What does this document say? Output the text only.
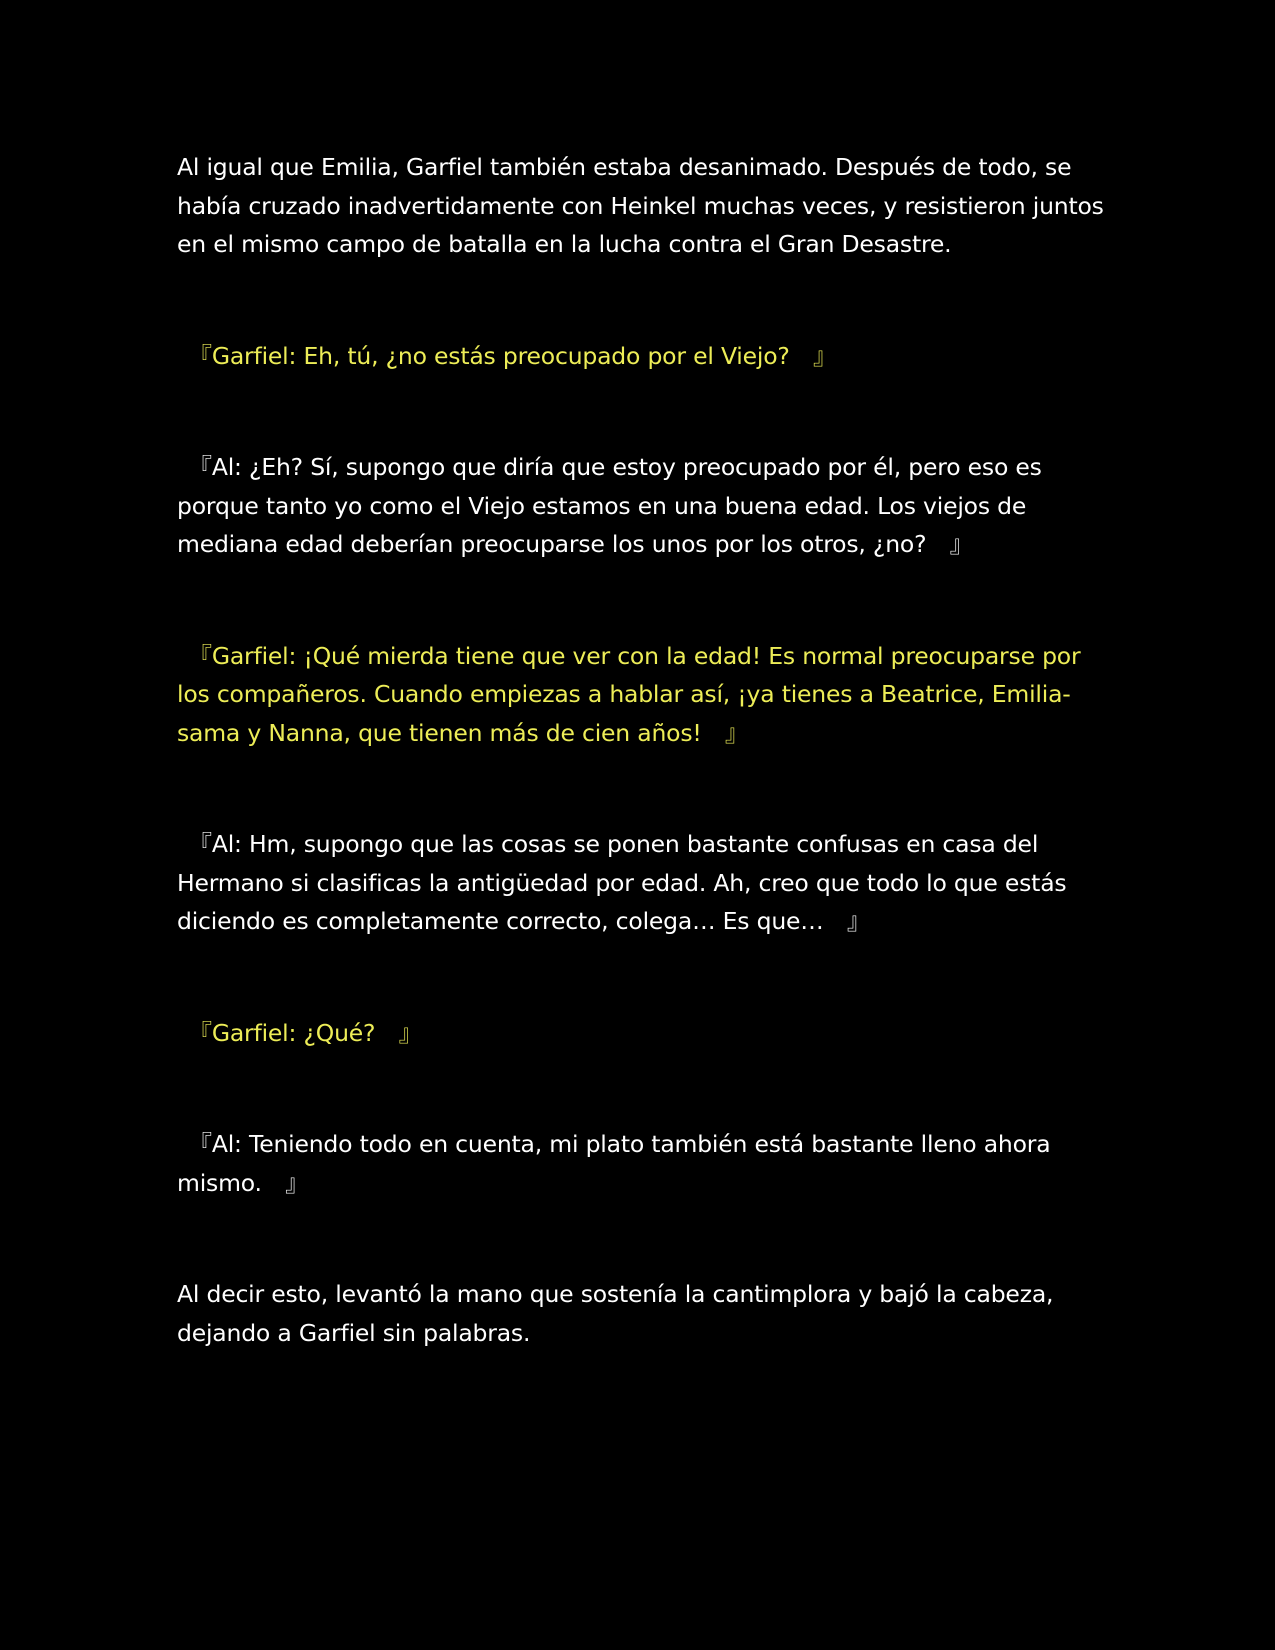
Al igual que Emilia, Garfiel también estaba desanimado. Después de todo, se había cruzado inadvertidamente con Heinkel muchas veces, y resistieron juntos en el mismo campo de batalla en la lucha contra el Gran Desastre.

　『Garfiel: Eh, tú, ¿no estás preocupado por el Viejo?　』

　『Al: ¿Eh? Sí, supongo que diría que estoy preocupado por él, pero eso es porque tanto yo como el Viejo estamos en una buena edad. Los viejos de mediana edad deberían preocuparse los unos por los otros, ¿no?　』

　『Garfiel: ¡Qué mierda tiene que ver con la edad! Es normal preocuparse por los compañeros. Cuando empiezas a hablar así, ¡ya tienes a Beatrice, Emilia-sama y Nanna, que tienen más de cien años!　』

　『Al: Hm, supongo que las cosas se ponen bastante confusas en casa del Hermano si clasificas la antigüedad por edad. Ah, creo que todo lo que estás diciendo es completamente correcto, colega… Es que…　』

　『Garfiel: ¿Qué?　』

　『Al: Teniendo todo en cuenta, mi plato también está bastante lleno ahora mismo.　』

Al decir esto, levantó la mano que sostenía la cantimplora y bajó la cabeza, dejando a Garfiel sin palabras.
